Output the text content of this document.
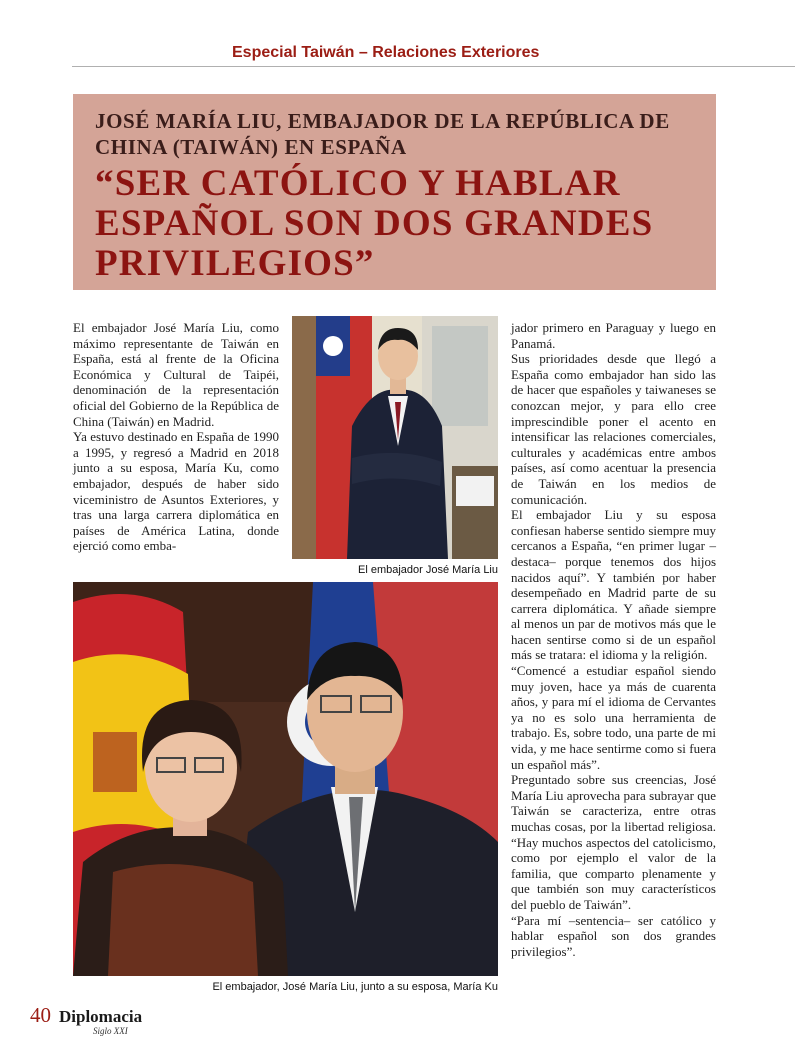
Especial Taiwán – Relaciones Exteriores
JOSÉ MARÍA LIU, EMBAJADOR DE LA REPÚBLICA DE CHINA (TAIWÁN) EN ESPAÑA
“SER CATÓLICO Y HABLAR ESPAÑOL SON DOS GRANDES PRIVILEGIOS”

El embajador José María Liu, como máximo representante de Taiwán en España, está al frente de la Oficina Económica y Cultural de Taipéi, denominación de la representación oficial del Gobierno de la República de China (Taiwán) en Madrid.

Ya estuvo destinado en España de 1990 a 1995, y regresó a Madrid en 2018 junto a su esposa, María Ku, como embajador, después de haber sido viceministro de Asuntos Exteriores, y tras una larga carrera diplomática en países de América Latina, donde ejerció como emba-

El embajador José María Liu
El embajador, José María Liu, junto a su esposa, María Ku

jador primero en Paraguay y luego en Panamá.

Sus prioridades desde que llegó a España como embajador han sido las de hacer que españoles y taiwaneses se conozcan mejor, y para ello cree imprescindible poner el acento en intensificar las relaciones comerciales, culturales y académicas entre ambos países, así como acentuar la presencia de Taiwán en los medios de comunicación.

El embajador Liu y su esposa confiesan haberse sentido siempre muy cercanos a España, “en primer lugar –destaca– porque tenemos dos hijos nacidos aquí”. Y también por haber desempeñado en Madrid parte de su carrera diplomática. Y añade siempre al menos un par de motivos más que le hacen sentirse como si de un español más se tratara: el idioma y la religión.

“Comencé a estudiar español siendo muy joven, hace ya más de cuarenta años, y para mí el idioma de Cervantes ya no es solo una herramienta de trabajo. Es, sobre todo, una parte de mi vida, y me hace sentirme como si fuera un español más”.

Preguntado sobre sus creencias, José María Liu aprovecha para subrayar que Taiwán se caracteriza, entre otras muchas cosas, por la libertad religiosa. “Hay muchos aspectos del catolicismo, como por ejemplo el valor de la familia, que comparto plenamente y que también son muy característicos del pueblo de Taiwán”.

“Para mí –sentencia– ser católico y hablar español son dos grandes privilegios”.

40 Diplomacia
Siglo XXI
